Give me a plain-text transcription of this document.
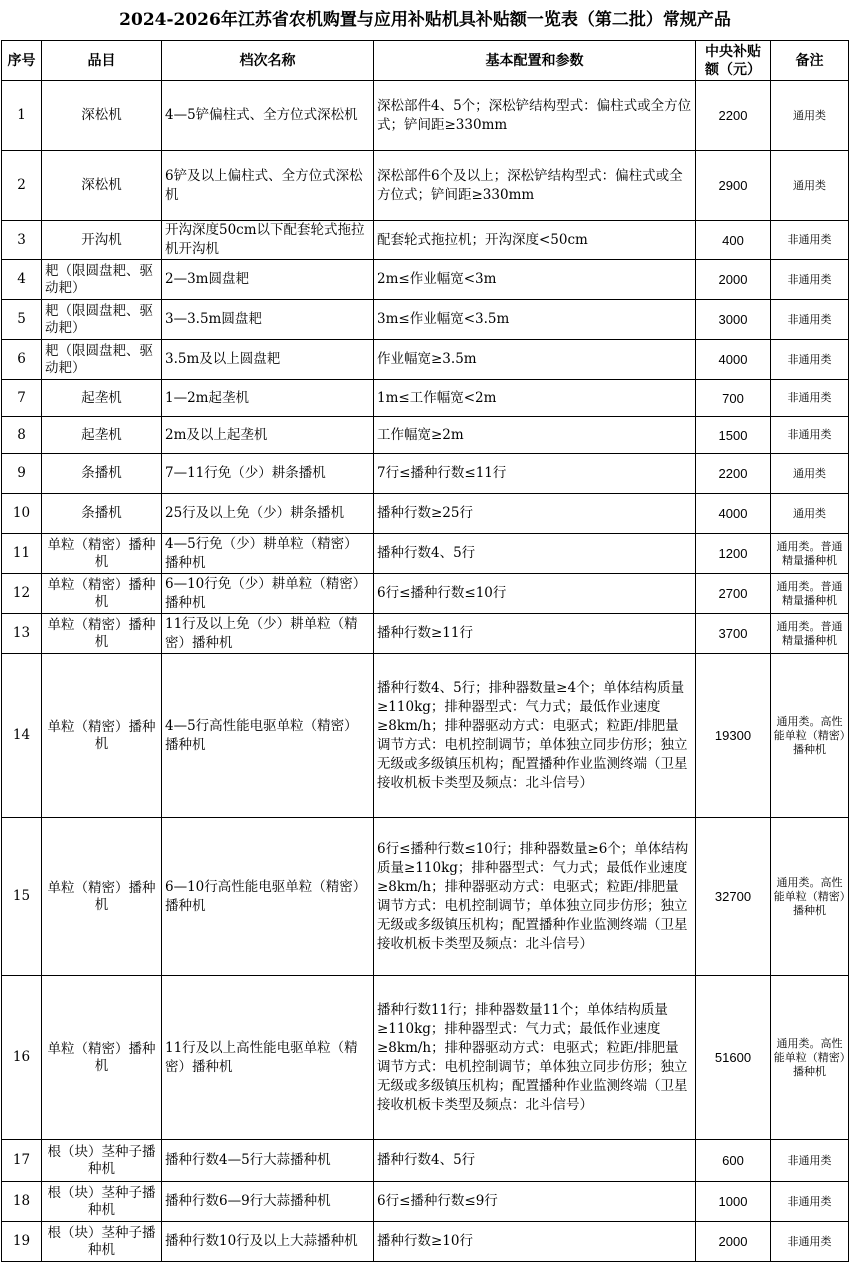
2024-2026年江苏省农机购置与应用补贴机具补贴额一览表（第二批）常规产品
序号	品目	档次名称	基本配置和参数	中央补贴额（元）	备注
1	深松机	4—5铲偏柱式、全方位式深松机	深松部件4、5个；深松铲结构型式：偏柱式或全方位式；铲间距≥330mm	2200	通用类
2	深松机	6铲及以上偏柱式、全方位式深松机	深松部件6个及以上；深松铲结构型式：偏柱式或全方位式；铲间距≥330mm	2900	通用类
3	开沟机	开沟深度50cm以下配套轮式拖拉机开沟机	配套轮式拖拉机；开沟深度<50cm	400	非通用类
4	耙（限圆盘耙、驱动耙）	2—3m圆盘耙	2m≤作业幅宽<3m	2000	非通用类
5	耙（限圆盘耙、驱动耙）	3—3.5m圆盘耙	3m≤作业幅宽<3.5m	3000	非通用类
6	耙（限圆盘耙、驱动耙）	3.5m及以上圆盘耙	作业幅宽≥3.5m	4000	非通用类
7	起垄机	1—2m起垄机	1m≤工作幅宽<2m	700	非通用类
8	起垄机	2m及以上起垄机	工作幅宽≥2m	1500	非通用类
9	条播机	7—11行免（少）耕条播机	7行≤播种行数≤11行	2200	通用类
10	条播机	25行及以上免（少）耕条播机	播种行数≥25行	4000	通用类
11	单粒（精密）播种机	4—5行免（少）耕单粒（精密）播种机	播种行数4、5行	1200	通用类。普通精量播种机
12	单粒（精密）播种机	6—10行免（少）耕单粒（精密）播种机	6行≤播种行数≤10行	2700	通用类。普通精量播种机
13	单粒（精密）播种机	11行及以上免（少）耕单粒（精密）播种机	播种行数≥11行	3700	通用类。普通精量播种机
14	单粒（精密）播种机	4—5行高性能电驱单粒（精密）播种机	播种行数4、5行；排种器数量≥4个；单体结构质量≥110kg；排种器型式：气力式；最低作业速度≥8km/h；排种器驱动方式：电驱式；粒距/排肥量调节方式：电机控制调节；单体独立同步仿形；独立无级或多级镇压机构；配置播种作业监测终端（卫星接收机板卡类型及频点：北斗信号）	19300	通用类。高性能单粒（精密）播种机
15	单粒（精密）播种机	6—10行高性能电驱单粒（精密）播种机	6行≤播种行数≤10行；排种器数量≥6个；单体结构质量≥110kg；排种器型式：气力式；最低作业速度≥8km/h；排种器驱动方式：电驱式；粒距/排肥量调节方式：电机控制调节；单体独立同步仿形；独立无级或多级镇压机构；配置播种作业监测终端（卫星接收机板卡类型及频点：北斗信号）	32700	通用类。高性能单粒（精密）播种机
16	单粒（精密）播种机	11行及以上高性能电驱单粒（精密）播种机	播种行数11行；排种器数量11个；单体结构质量≥110kg；排种器型式：气力式；最低作业速度≥8km/h；排种器驱动方式：电驱式；粒距/排肥量调节方式：电机控制调节；单体独立同步仿形；独立无级或多级镇压机构；配置播种作业监测终端（卫星接收机板卡类型及频点：北斗信号）	51600	通用类。高性能单粒（精密）播种机
17	根（块）茎种子播种机	播种行数4—5行大蒜播种机	播种行数4、5行	600	非通用类
18	根（块）茎种子播种机	播种行数6—9行大蒜播种机	6行≤播种行数≤9行	1000	非通用类
19	根（块）茎种子播种机	播种行数10行及以上大蒜播种机	播种行数≥10行	2000	非通用类
